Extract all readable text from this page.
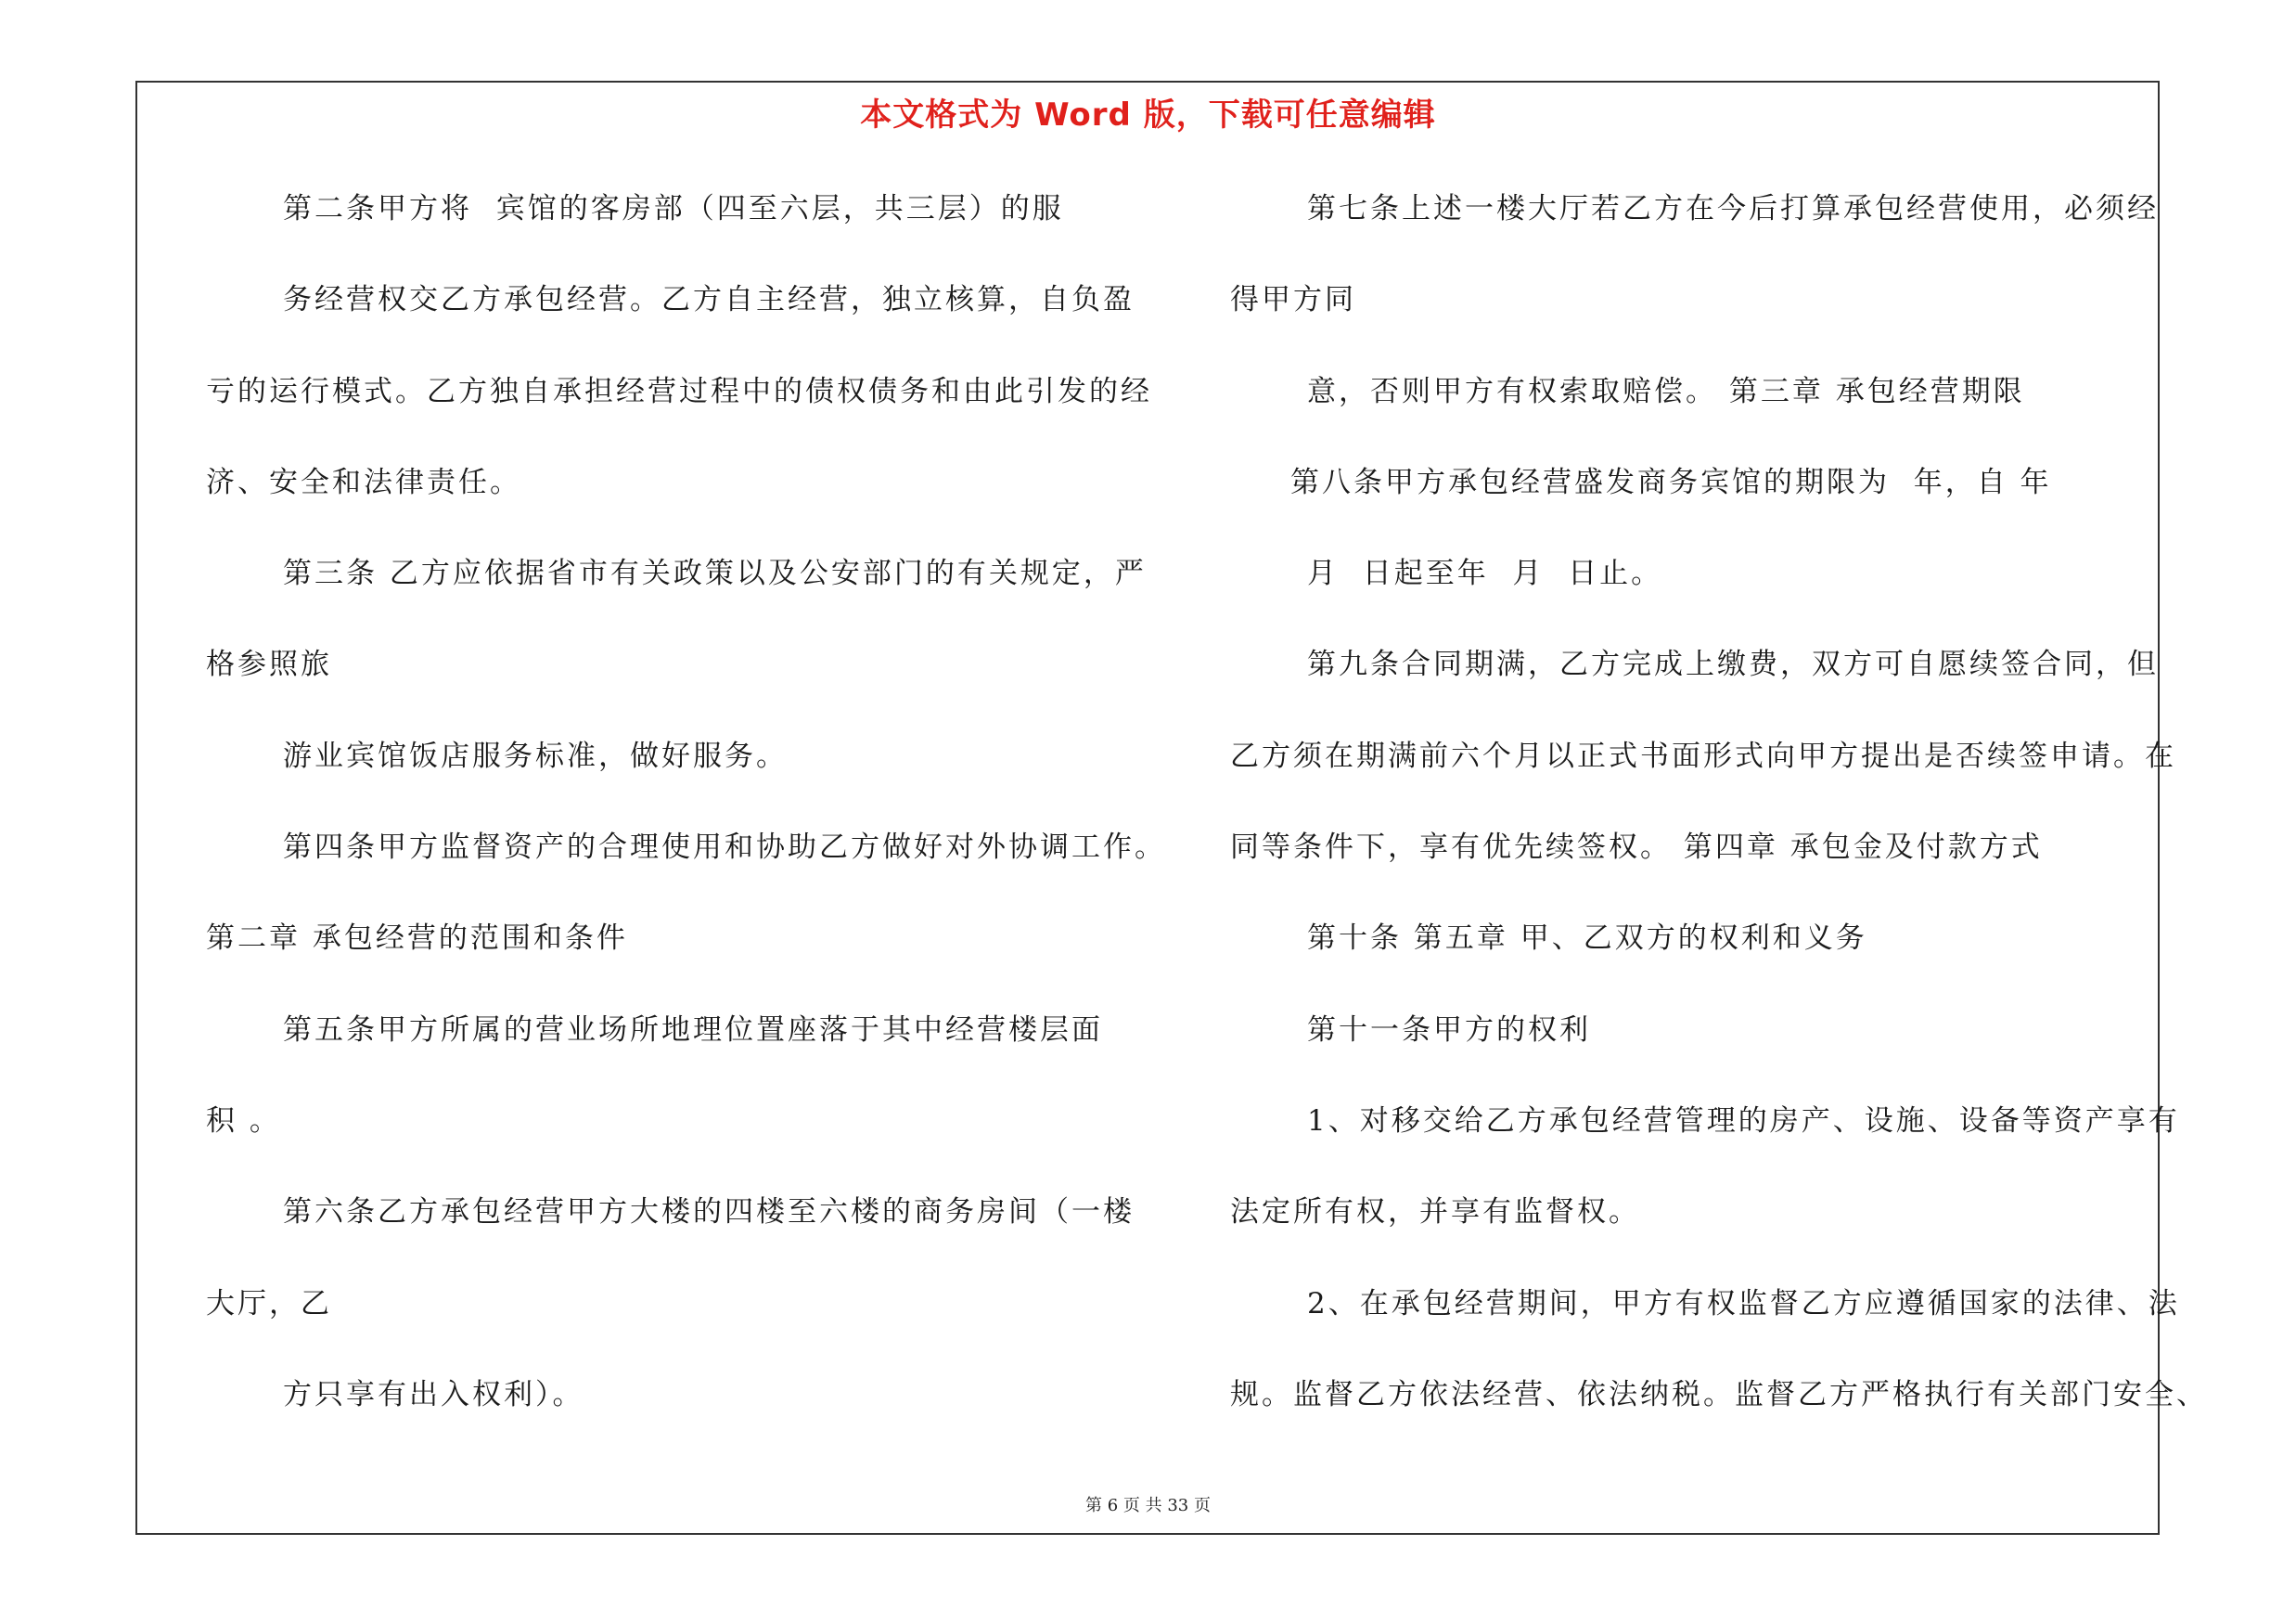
本文格式为 Word 版，下载可任意编辑
第二条甲方将  宾馆的客房部（四至六层，共三层）的服
务经营权交乙方承包经营。乙方自主经营，独立核算，自负盈
亏的运行模式。乙方独自承担经营过程中的债权债务和由此引发的经
济、安全和法律责任。
第三条 乙方应依据省市有关政策以及公安部门的有关规定，严
格参照旅
游业宾馆饭店服务标准，做好服务。
第四条甲方监督资产的合理使用和协助乙方做好对外协调工作。
第二章 承包经营的范围和条件
第五条甲方所属的营业场所地理位置座落于其中经营楼层面
积 。
第六条乙方承包经营甲方大楼的四楼至六楼的商务房间（一楼
大厅，乙
方只享有出入权利）。
第七条上述一楼大厅若乙方在今后打算承包经营使用，必须经
得甲方同
意，否则甲方有权索取赔偿。 第三章 承包经营期限
第八条甲方承包经营盛发商务宾馆的期限为  年，自 年
月  日起至年  月  日止。
第九条合同期满，乙方完成上缴费，双方可自愿续签合同，但
乙方须在期满前六个月以正式书面形式向甲方提出是否续签申请。在
同等条件下，享有优先续签权。 第四章 承包金及付款方式
第十条 第五章 甲、乙双方的权利和义务
第十一条甲方的权利
1、对移交给乙方承包经营管理的房产、设施、设备等资产享有
法定所有权，并享有监督权。
2、在承包经营期间，甲方有权监督乙方应遵循国家的法律、法
规。监督乙方依法经营、依法纳税。监督乙方严格执行有关部门安全、
第 6 页 共 33 页
